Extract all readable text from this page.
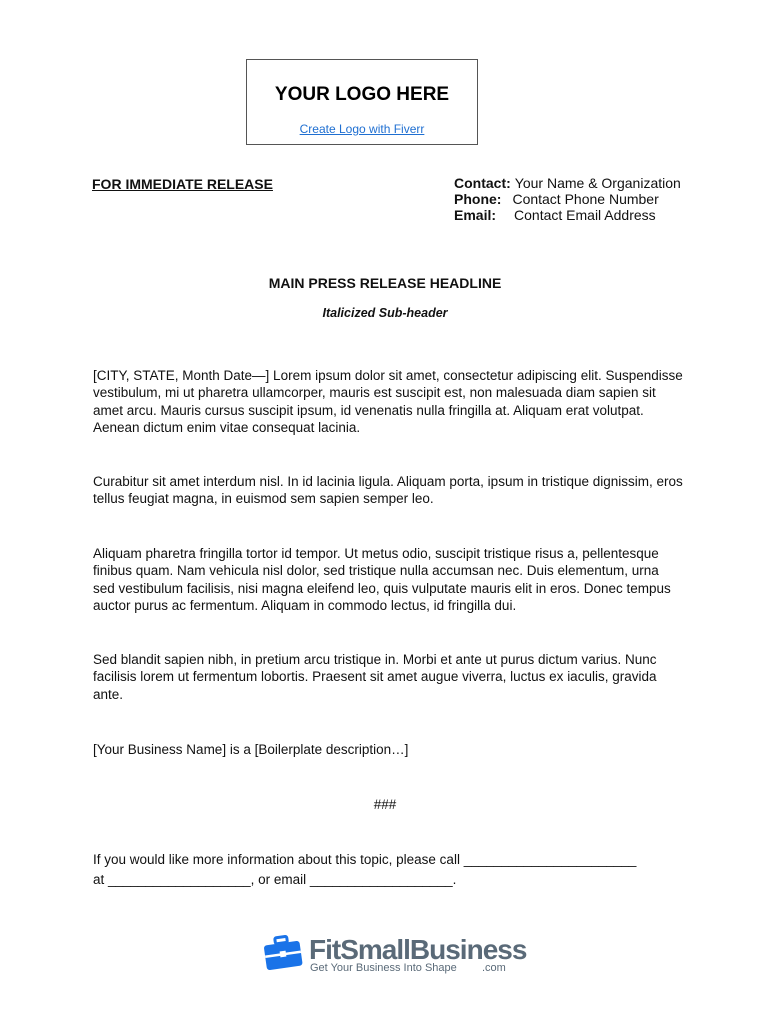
YOUR LOGO HERE
Create Logo with Fiverr
FOR IMMEDIATE RELEASE	Contact: Your Name & Organization
Phone: Contact Phone Number
Email: Contact Email Address
MAIN PRESS RELEASE HEADLINE
Italicized Sub-header

[CITY, STATE, Month Date—] Lorem ipsum dolor sit amet, consectetur adipiscing elit. Suspendisse vestibulum, mi ut pharetra ullamcorper, mauris est suscipit est, non malesuada diam sapien sit amet arcu. Mauris cursus suscipit ipsum, id venenatis nulla fringilla at. Aliquam erat volutpat. Aenean dictum enim vitae consequat lacinia.

Curabitur sit amet interdum nisl. In id lacinia ligula. Aliquam porta, ipsum in tristique dignissim, eros tellus feugiat magna, in euismod sem sapien semper leo.

Aliquam pharetra fringilla tortor id tempor. Ut metus odio, suscipit tristique risus a, pellentesque finibus quam. Nam vehicula nisl dolor, sed tristique nulla accumsan nec. Duis elementum, urna sed vestibulum facilisis, nisi magna eleifend leo, quis vulputate mauris elit in eros. Donec tempus auctor purus ac fermentum. Aliquam in commodo lectus, id fringilla dui.

Sed blandit sapien nibh, in pretium arcu tristique in. Morbi et ante ut purus dictum varius. Nunc facilisis lorem ut fermentum lobortis. Praesent sit amet augue viverra, luctus ex iaculis, gravida ante.

[Your Business Name] is a [Boilerplate description…]

###
If you would like more information about this topic, please call _______________________
at ___________________, or email ___________________.
FitSmallBusiness
Get Your Business Into Shape .com
